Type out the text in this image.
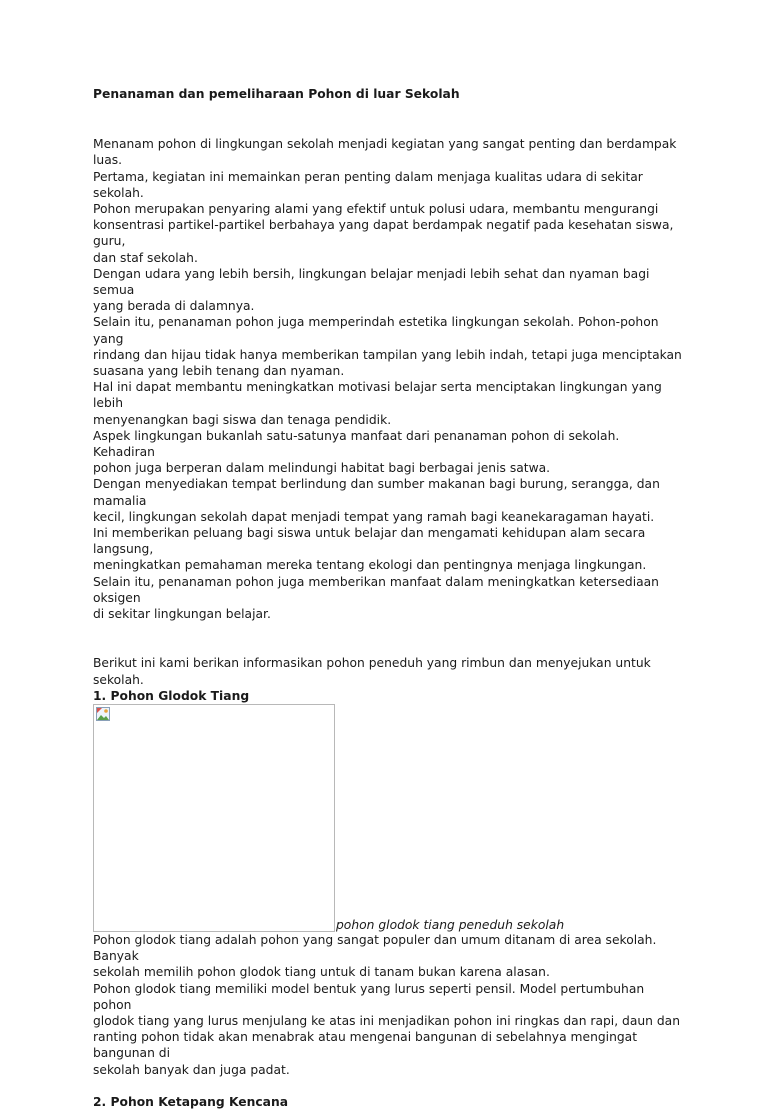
Penanaman dan pemeliharaan Pohon di luar Sekolah

Menanam pohon di lingkungan sekolah menjadi kegiatan yang sangat penting dan berdampak luas.

Pertama, kegiatan ini memainkan peran penting dalam menjaga kualitas udara di sekitar sekolah.

Pohon merupakan penyaring alami yang efektif untuk polusi udara, membantu mengurangi

konsentrasi partikel-partikel berbahaya yang dapat berdampak negatif pada kesehatan siswa, guru,

dan staf sekolah.

Dengan udara yang lebih bersih, lingkungan belajar menjadi lebih sehat dan nyaman bagi semua

yang berada di dalamnya.

Selain itu, penanaman pohon juga memperindah estetika lingkungan sekolah. Pohon-pohon yang

rindang dan hijau tidak hanya memberikan tampilan yang lebih indah, tetapi juga menciptakan

suasana yang lebih tenang dan nyaman.

Hal ini dapat membantu meningkatkan motivasi belajar serta menciptakan lingkungan yang lebih

menyenangkan bagi siswa dan tenaga pendidik.

Aspek lingkungan bukanlah satu-satunya manfaat dari penanaman pohon di sekolah. Kehadiran

pohon juga berperan dalam melindungi habitat bagi berbagai jenis satwa.

Dengan menyediakan tempat berlindung dan sumber makanan bagi burung, serangga, dan mamalia

kecil, lingkungan sekolah dapat menjadi tempat yang ramah bagi keanekaragaman hayati.

Ini memberikan peluang bagi siswa untuk belajar dan mengamati kehidupan alam secara langsung,

meningkatkan pemahaman mereka tentang ekologi dan pentingnya menjaga lingkungan.

Selain itu, penanaman pohon juga memberikan manfaat dalam meningkatkan ketersediaan oksigen

di sekitar lingkungan belajar.

Berikut ini kami berikan informasikan pohon peneduh yang rimbun dan menyejukan untuk sekolah.

1. Pohon Glodok Tiang

pohon glodok tiang peneduh sekolah

Pohon glodok tiang adalah pohon yang sangat populer dan umum ditanam di area sekolah. Banyak

sekolah memilih pohon glodok tiang untuk di tanam bukan karena alasan.

Pohon glodok tiang memiliki model bentuk yang lurus seperti pensil. Model pertumbuhan pohon

glodok tiang yang lurus menjulang ke atas ini menjadikan pohon ini ringkas dan rapi, daun dan

ranting pohon tidak akan menabrak atau mengenai bangunan di sebelahnya mengingat bangunan di

sekolah banyak dan juga padat.

2. Pohon Ketapang Kencana
